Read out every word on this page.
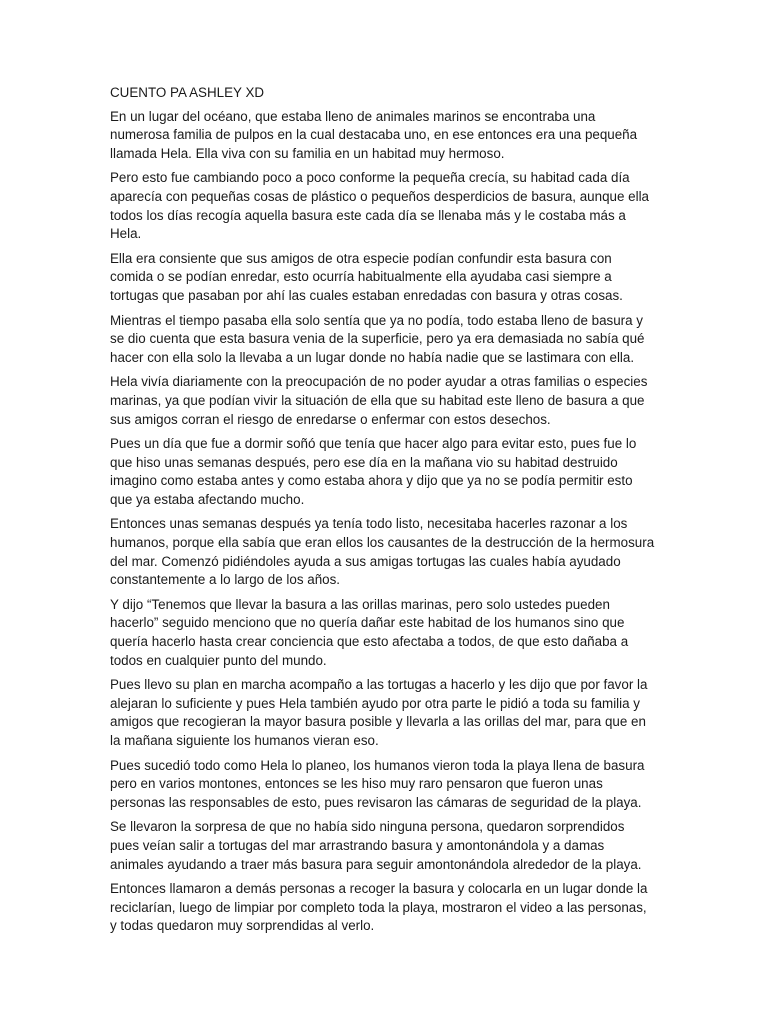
CUENTO PA ASHLEY XD

En un lugar del océano, que estaba lleno de animales marinos se encontraba una numerosa familia de pulpos en la cual destacaba uno, en ese entonces era una pequeña llamada Hela. Ella viva con su familia en un habitad muy hermoso.

Pero esto fue cambiando poco a poco conforme la pequeña crecía, su habitad cada día aparecía con pequeñas cosas de plástico o pequeños desperdicios de basura, aunque ella todos los días recogía aquella basura este cada día se llenaba más y le costaba más a Hela.

Ella era consiente que sus amigos de otra especie podían confundir esta basura con comida o se podían enredar, esto ocurría habitualmente ella ayudaba casi siempre a tortugas que pasaban por ahí las cuales estaban enredadas con basura y otras cosas.

Mientras el tiempo pasaba ella solo sentía que ya no podía, todo estaba lleno de basura y se dio cuenta que esta basura venia de la superficie, pero ya era demasiada no sabía qué hacer con ella solo la llevaba a un lugar donde no había nadie que se lastimara con ella.

Hela vivía diariamente con la preocupación de no poder ayudar a otras familias o especies marinas, ya que podían vivir la situación de ella que su habitad este lleno de basura a que sus amigos corran el riesgo de enredarse o enfermar con estos desechos.

Pues un día que fue a dormir soñó que tenía que hacer algo para evitar esto, pues fue lo que hiso unas semanas después, pero ese día en la mañana vio su habitad destruido imagino como estaba antes y como estaba ahora y dijo que ya no se podía permitir esto que ya estaba afectando mucho.

Entonces unas semanas después ya tenía todo listo, necesitaba hacerles razonar a los humanos, porque ella sabía que eran ellos los causantes de la destrucción de la hermosura del mar. Comenzó pidiéndoles ayuda a sus amigas tortugas las cuales había ayudado constantemente a lo largo de los años.

Y dijo “Tenemos que llevar la basura a las orillas marinas, pero solo ustedes pueden hacerlo” seguido menciono que no quería dañar este habitad de los humanos sino que quería hacerlo hasta crear conciencia que esto afectaba a todos, de que esto dañaba a todos en cualquier punto del mundo.

Pues llevo su plan en marcha acompaño a las tortugas a hacerlo y les dijo que por favor la alejaran lo suficiente y pues Hela también ayudo por otra parte le pidió a toda su familia y amigos que recogieran la mayor basura posible y llevarla a las orillas del mar, para que en la mañana siguiente los humanos vieran eso.

Pues sucedió todo como Hela lo planeo, los humanos vieron toda la playa llena de basura pero en varios montones, entonces se les hiso muy raro pensaron que fueron unas personas las responsables de esto, pues revisaron las cámaras de seguridad de la playa.

Se llevaron la sorpresa de que no había sido ninguna persona, quedaron sorprendidos pues veían salir a tortugas del mar arrastrando basura y amontonándola y a damas animales ayudando a traer más basura para seguir amontonándola alrededor de la playa.

Entonces llamaron a demás personas a recoger la basura y colocarla en un lugar donde la reciclarían, luego de limpiar por completo toda la playa, mostraron el video a las personas, y todas quedaron muy sorprendidas al verlo.
